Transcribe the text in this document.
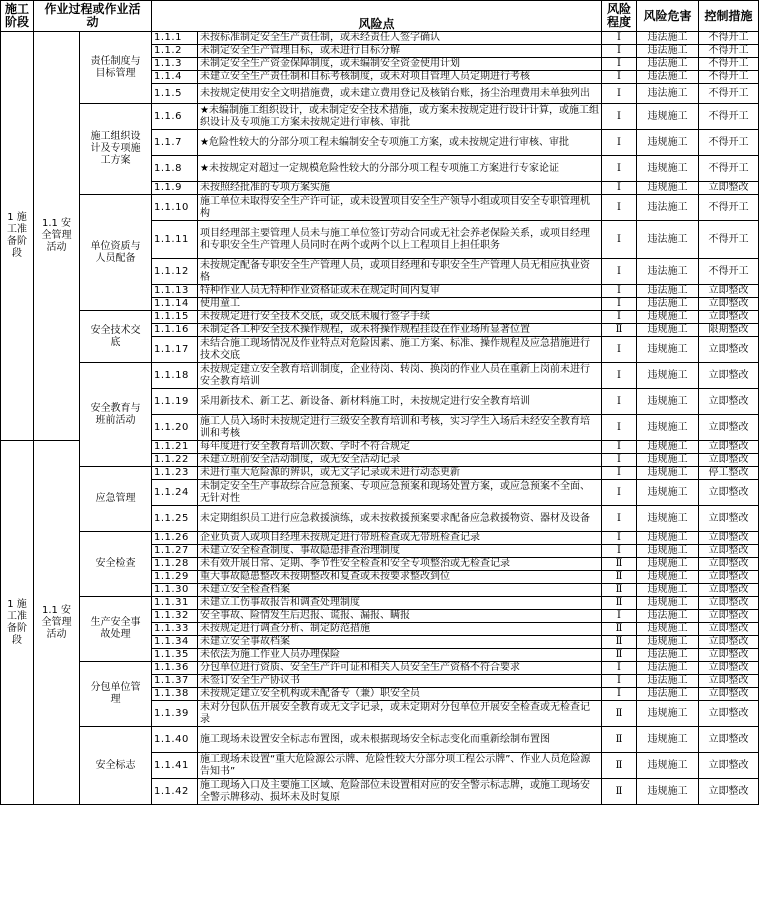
施工
阶段	作业过程或作业活
动		风险点		风险
程度	风险危害	控制措施
1 施
工准
备阶
段	1.1 安
全管理
活动	责任制度与
目标管理	1.1.1	未按标准制定安全生产责任制，或未经责任人签字确认	Ⅰ	违法施工	不得开工
			1.1.2	未制定安全生产管理目标，或未进行目标分解	Ⅰ	违法施工	不得开工
			1.1.3	未制定安全生产资金保障制度，或未编制安全资金使用计划	Ⅰ	违法施工	不得开工
			1.1.4	未建立安全生产责任制和目标考核制度，或未对项目管理人员定期进行考核	Ⅰ	违法施工	不得开工
			1.1.5	未按规定使用安全文明措施费，或未建立费用登记及核销台账，扬尘治理费用未单独列出	Ⅰ	违法施工	不得开工
		施工组织设
计及专项施
工方案	1.1.6	★未编制施工组织设计，或未制定安全技术措施，或方案未按规定进行设计计算，或施工组织设计及专项施工方案未按规定进行审核、审批	Ⅰ	违规施工	不得开工
			1.1.7	★危险性较大的分部分项工程未编制安全专项施工方案，或未按规定进行审核、审批	Ⅰ	违规施工	不得开工
			1.1.8	★未按规定对超过一定规模危险性较大的分部分项工程专项施工方案进行专家论证	Ⅰ	违规施工	不得开工
			1.1.9	未按照经批准的专项方案实施	Ⅰ	违规施工	立即整改
		单位资质与
人员配备	1.1.10	施工单位未取得安全生产许可证，或未设置项目安全生产领导小组或项目安全专职管理机构	Ⅰ	违法施工	不得开工
			1.1.11	项目经理部主要管理人员未与施工单位签订劳动合同或无社会养老保险关系，或项目经理和专职安全生产管理人员同时在两个或两个以上工程项目上担任职务	Ⅰ	违法施工	不得开工
			1.1.12	未按规定配备专职安全生产管理人员，或项目经理和专职安全生产管理人员无相应执业资格	Ⅰ	违法施工	不得开工
			1.1.13	特种作业人员无特种作业资格证或未在规定时间内复审	Ⅰ	违法施工	立即整改
			1.1.14	使用童工	Ⅰ	违法施工	立即整改
		安全技术交
底	1.1.15	未按规定进行安全技术交底，或交底未履行签字手续	Ⅰ	违规施工	立即整改
			1.1.16	未制定各工种安全技术操作规程，或未将操作规程挂设在作业场所显著位置	Ⅱ	违规施工	限期整改
			1.1.17	未结合施工现场情况及作业特点对危险因素、施工方案、标准、操作规程及应急措施进行技术交底	Ⅰ	违规施工	立即整改
		安全教育与
班前活动	1.1.18	未按规定建立安全教育培训制度，企业待岗、转岗、换岗的作业人员在重新上岗前未进行安全教育培训	Ⅰ	违规施工	立即整改
			1.1.19	采用新技术、新工艺、新设备、新材料施工时，未按规定进行安全教育培训	Ⅰ	违规施工	立即整改
			1.1.20	施工人员入场时未按规定进行三级安全教育培训和考核，实习学生入场后未经安全教育培训和考核	Ⅰ	违规施工	立即整改
1 施
工准
备阶
段	1.1 安
全管理
活动		1.1.21	每年度进行安全教育培训次数、学时不符合规定	Ⅰ	违规施工	立即整改
			1.1.22	未建立班前安全活动制度，或无安全活动记录	Ⅰ	违规施工	立即整改
		应急管理	1.1.23	未进行重大危险源的辨识，或无文字记录或未进行动态更新	Ⅰ	违规施工	停工整改
			1.1.24	未制定安全生产事故综合应急预案、专项应急预案和现场处置方案，或应急预案不全面、无针对性	Ⅰ	违规施工	立即整改
			1.1.25	未定期组织员工进行应急救援演练，或未按救援预案要求配备应急救援物资、器材及设备	Ⅰ	违规施工	立即整改
		安全检查	1.1.26	企业负责人或项目经理未按规定进行带班检查或无带班检查记录	Ⅰ	违规施工	立即整改
			1.1.27	未建立安全检查制度、事故隐患排查治理制度	Ⅰ	违规施工	立即整改
			1.1.28	未有效开展日常、定期、季节性安全检查和安全专项整治或无检查记录	Ⅱ	违规施工	立即整改
			1.1.29	重大事故隐患整改未按期整改和复查或未按要求整改到位	Ⅱ	违规施工	立即整改
			1.1.30	未建立安全检查档案	Ⅱ	违规施工	立即整改
		生产安全事
故处理	1.1.31	未建立工伤事故报告和调查处理制度	Ⅱ	违规施工	立即整改
			1.1.32	安全事故、险情发生后迟报、谎报、漏报、瞒报	Ⅰ	违法施工	立即整改
			1.1.33	未按规定进行调查分析、制定防范措施	Ⅱ	违规施工	立即整改
			1.1.34	未建立安全事故档案	Ⅱ	违规施工	立即整改
			1.1.35	未依法为施工作业人员办理保险	Ⅱ	违法施工	立即整改
		分包单位管
理	1.1.36	分包单位进行资质、安全生产许可证和相关人员安全生产资格不符合要求	Ⅰ	违法施工	立即整改
			1.1.37	未签订安全生产协议书	Ⅰ	违法施工	立即整改
			1.1.38	未按规定建立安全机构或未配备专（兼）职安全员	Ⅰ	违法施工	立即整改
			1.1.39	未对分包队伍开展安全教育或无文字记录，或未定期对分包单位开展安全检查或无检查记录	Ⅱ	违规施工	立即整改
		安全标志	1.1.40	施工现场未设置安全标志布置图，或未根据现场安全标志变化而重新绘制布置图	Ⅱ	违规施工	立即整改
			1.1.41	施工现场未设置“重大危险源公示牌、危险性较大分部分项工程公示牌”、作业人员危险源告知书”	Ⅱ	违规施工	立即整改
			1.1.42	施工现场入口及主要施工区域、危险部位未设置相对应的安全警示标志牌，或施工现场安全警示牌移动、损坏未及时复原	Ⅱ	违规施工	立即整改
